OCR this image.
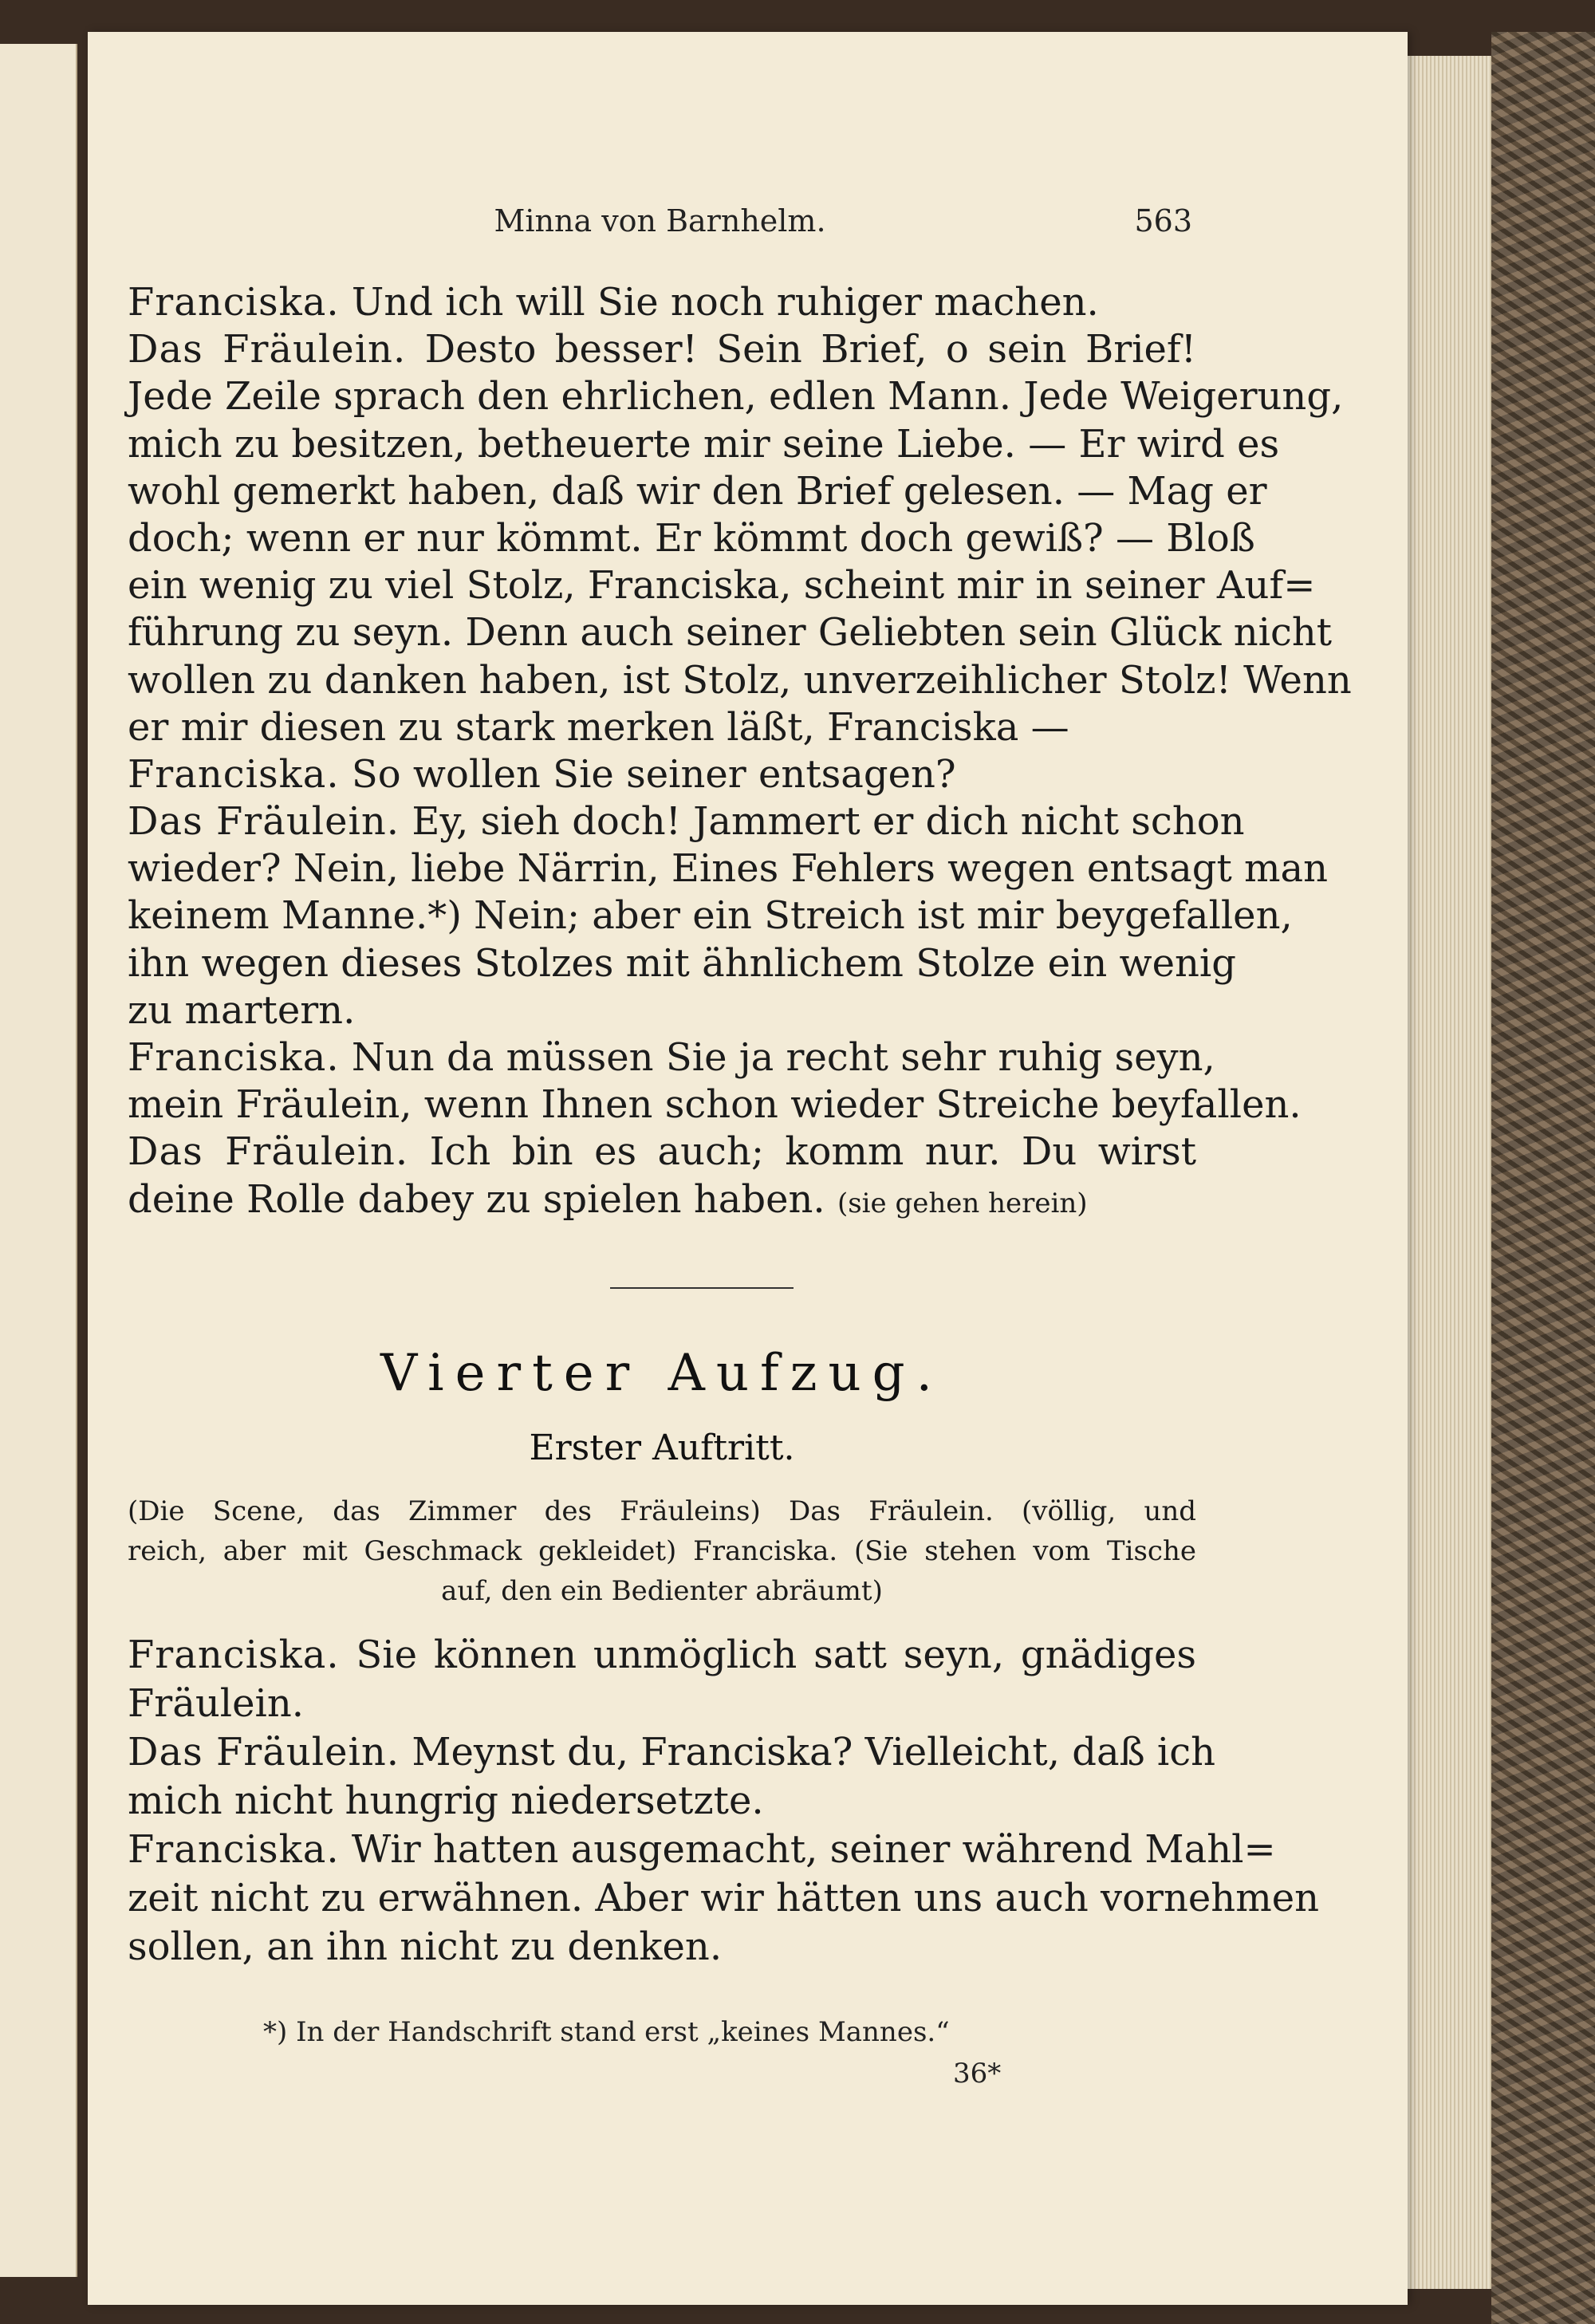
Minna von Barnhelm.	563
Franciska. Und ich will Sie noch ruhiger machen.
Das Fräulein. Desto besser! Sein Brief, o sein Brief!
Jede Zeile sprach den ehrlichen, edlen Mann. Jede Weigerung,
mich zu besitzen, betheuerte mir seine Liebe. — Er wird es
wohl gemerkt haben, daß wir den Brief gelesen. — Mag er
doch; wenn er nur kömmt. Er kömmt doch gewiß? — Bloß
ein wenig zu viel Stolz, Franciska, scheint mir in seiner Auf=
führung zu seyn. Denn auch seiner Geliebten sein Glück nicht
wollen zu danken haben, ist Stolz, unverzeihlicher Stolz! Wenn
er mir diesen zu stark merken läßt, Franciska —
Franciska. So wollen Sie seiner entsagen?
Das Fräulein. Ey, sieh doch! Jammert er dich nicht schon
wieder? Nein, liebe Närrin, Eines Fehlers wegen entsagt man
keinem Manne.*) Nein; aber ein Streich ist mir beygefallen,
ihn wegen dieses Stolzes mit ähnlichem Stolze ein wenig
zu martern.
Franciska. Nun da müssen Sie ja recht sehr ruhig seyn,
mein Fräulein, wenn Ihnen schon wieder Streiche beyfallen.
Das Fräulein. Ich bin es auch; komm nur. Du wirst
deine Rolle dabey zu spielen haben. (sie gehen herein)
Vierter Aufzug.
Erster Auftritt.
(Die Scene, das Zimmer des Fräuleins) Das Fräulein. (völlig, und
reich, aber mit Geschmack gekleidet) Franciska. (Sie stehen vom Tische
auf, den ein Bedienter abräumt)
Franciska. Sie können unmöglich satt seyn, gnädiges
Fräulein.
Das Fräulein. Meynst du, Franciska? Vielleicht, daß ich
mich nicht hungrig niedersetzte.
Franciska. Wir hatten ausgemacht, seiner während Mahl=
zeit nicht zu erwähnen. Aber wir hätten uns auch vornehmen
sollen, an ihn nicht zu denken.
*) In der Handschrift stand erst „keines Mannes.“
36*
